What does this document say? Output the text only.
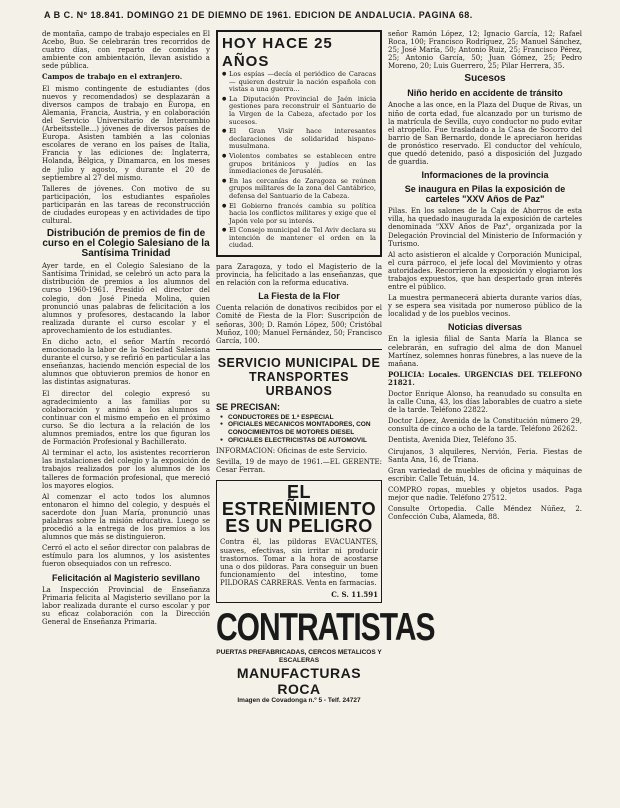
A B C. Nº 18.841. DOMINGO 21 DE DIEMNO DE 1961. EDICION DE ANDALUCIA. PAGINA 68.

de montaña, campo de trabajo especiales en El Acebo, Buo. Se celebrarán tres recorridos de cuatro días, con reparto de comidas y ambiente con ambientación, llevan asistido a sede pública.

Campos de trabajo en el extranjero.

El mismo contingente de estudiantes (dos nuevos y recomendados) se desplazarán a diversos campos de trabajo en Europa, en Alemania, Francia, Austria, y en colaboración del Servicio Universitario de Intercambio (Arbeitsstelle...) jóvenes de diversos países de Europa. Asisten también a las colonias escolares de verano en los países de Italia, Francia y las ediciones de: Inglaterra, Holanda, Bélgica, y Dinamarca, en los meses de julio y agosto, y durante el 20 de septiembre al 27 del mismo.

Talleres de jóvenes. Con motivo de su participación, los estudiantes españoles participarán en las tareas de reconstrucción de ciudades europeas y en actividades de tipo cultural.

Distribución de premios de fin de curso en el Colegio Salesiano de la Santísima Trinidad

Ayer tarde, en el Colegio Salesiano de la Santísima Trinidad, se celebró un acto para la distribución de premios a los alumnos del curso 1960-1961. Presidió el director del colegio, don José Pineda Molina, quien pronunció unas palabras de felicitación a los alumnos y profesores, destacando la labor realizada durante el curso escolar y el aprovechamiento de los estudiantes.

En dicho acto, el señor Martín recordó emocionado la labor de la Sociedad Salesiana durante el curso, y se refirió en particular a las enseñanzas, haciendo mención especial de los alumnos que obtuvieron premios de honor en las distintas asignaturas.

El director del colegio expresó su agradecimiento a las familias por su colaboración y animó a los alumnos a continuar con el mismo empeño en el próximo curso. Se dio lectura a la relación de los alumnos premiados, entre los que figuran los de Formación Profesional y Bachillerato.

Al terminar el acto, los asistentes recorrieron las instalaciones del colegio y la exposición de trabajos realizados por los alumnos de los talleres de formación profesional, que mereció los mayores elogios.

Al comenzar el acto todos los alumnos entonaron el himno del colegio, y después el sacerdote don Juan María, pronunció unas palabras sobre la misión educativa. Luego se procedió a la entrega de los premios a los alumnos que más se distinguieron.

Cerró el acto el señor director con palabras de estímulo para los alumnos, y los asistentes fueron obsequiados con un refresco.

Felicitación al Magisterio sevillano

La Inspección Provincial de Enseñanza Primaria felicita al Magisterio sevillano por la labor realizada durante el curso escolar y por su eficaz colaboración con la Dirección General de Enseñanza Primaria.

HOY HACE 25 AÑOS
● Los espías —decía el periódico de Caracas— quieren destruir la nación española con vistas a una guerra...
● La Diputación Provincial de Jaén inicia gestiones para reconstruir el Santuario de la Virgen de la Cabeza, afectado por los sucesos.
● El Gran Visir hace interesantes declaraciones de solidaridad hispano-musulmana.
● Violentos combates se establecen entre grupos británicos y judíos en las inmediaciones de Jerusalén.
● En las cercanías de Zaragoza se reúnen grupos militares de la zona del Cantábrico, defensa del Santuario de la Cabeza.
● El Gobierno francés cambia su política hacia los conflictos militares y exige que el Japón vele por su interés.
● El Consejo municipal de Tel Aviv declara su intención de mantener el orden en la ciudad.

para Zaragoza, y todo el Magisterio de la provincia, ha felicitado a las enseñanzas, que en relación con la reforma educativa.

La Fiesta de la Flor

Cuenta relación de donativos recibidos por el Comité de Fiesta de la Flor: Suscripción de señoras, 300; D. Ramón López, 500; Cristóbal Muñoz, 100; Manuel Fernández, 50; Francisco García, 100.

SERVICIO MUNICIPAL DE TRANSPORTES URBANOS
SE PRECISAN:
● CONDUCTORES DE 1.ª ESPECIAL
● OFICIALES MECANICOS MONTADORES, CON CONOCIMIENTOS DE MOTORES DIESEL
● OFICIALES ELECTRICISTAS DE AUTOMOVIL

INFORMACION: Oficinas de este Servicio.

Sevilla, 19 de mayo de 1961.—EL GERENTE: Cesar Ferran.

EL ESTREÑIMIENTO ES UN PELIGRO

Contra él, las pildoras EVACUANTES, suaves, efectivas, sin irritar ni producir trastornos. Tomar a la hora de acostarse una o dos pildoras. Para conseguir un buen funcionamiento del intestino, tome PILDORAS CARRERAS. Venta en farmacias.

C. S. 11.591
CONTRATISTAS
PUERTAS PREFABRICADAS, CERCOS METALICOS Y ESCALERAS
MANUFACTURAS ROCA
Imagen de Covadonga n.º 5 - Telf. 24727

señor Ramón López, 12; Ignacio García, 12; Rafael Roca, 100; Francisco Rodríguez, 25; Manuel Sánchez, 25; José María, 50; Antonio Ruiz, 25; Francisco Pérez, 25; Antonio García, 50; Juan Gómez, 25; Pedro Moreno, 20; Luis Guerrero, 25; Pilar Herrera, 35.

Sucesos
Niño herido en accidente de tránsito

Anoche a las once, en la Plaza del Duque de Rivas, un niño de corta edad, fue alcanzado por un turismo de la matrícula de Sevilla, cuyo conductor no pudo evitar el atropello. Fue trasladado a la Casa de Socorro del barrio de San Bernardo, donde le apreciaron heridas de pronóstico reservado. El conductor del vehículo, que quedó detenido, pasó a disposición del Juzgado de guardia.

Informaciones de la provincia
Se inaugura en Pilas la exposición de carteles "XXV Años de Paz"

Pilas. En los salones de la Caja de Ahorros de esta villa, ha quedado inaugurada la exposición de carteles denominada "XXV Años de Paz", organizada por la Delegación Provincial del Ministerio de Información y Turismo.

Al acto asistieron el alcalde y Corporación Municipal, el cura párroco, el jefe local del Movimiento y otras autoridades. Recorrieron la exposición y elogiaron los trabajos expuestos, que han despertado gran interés entre el público.

La muestra permanecerá abierta durante varios días, y se espera sea visitada por numeroso público de la localidad y de los pueblos vecinos.

Noticias diversas

En la iglesia filial de Santa María la Blanca se celebrarán, en sufragio del alma de don Manuel Martínez, solemnes honras fúnebres, a las nueve de la mañana.

POLICIA: Locales. URGENCIAS DEL TELEFONO 21821.

Doctor Enrique Alonso, ha reanudado su consulta en la calle Cuna, 43, los días laborables de cuatro a siete de la tarde. Teléfono 22822.

Doctor López, Avenida de la Constitución número 29, consulta de cinco a ocho de la tarde. Teléfono 26262.

Dentista, Avenida Diez, Teléfono 35.

Cirujanos, 3 alquileres, Nervión, Feria. Fiestas de Santa Ana, 16, de Triana.

Gran variedad de muebles de oficina y máquinas de escribir. Calle Tetuán, 14.

COMPRO ropas, muebles y objetos usados. Paga mejor que nadie. Teléfono 27512.

Consulte Ortopedia. Calle Méndez Núñez, 2. Confección Cuba, Alameda, 88.
